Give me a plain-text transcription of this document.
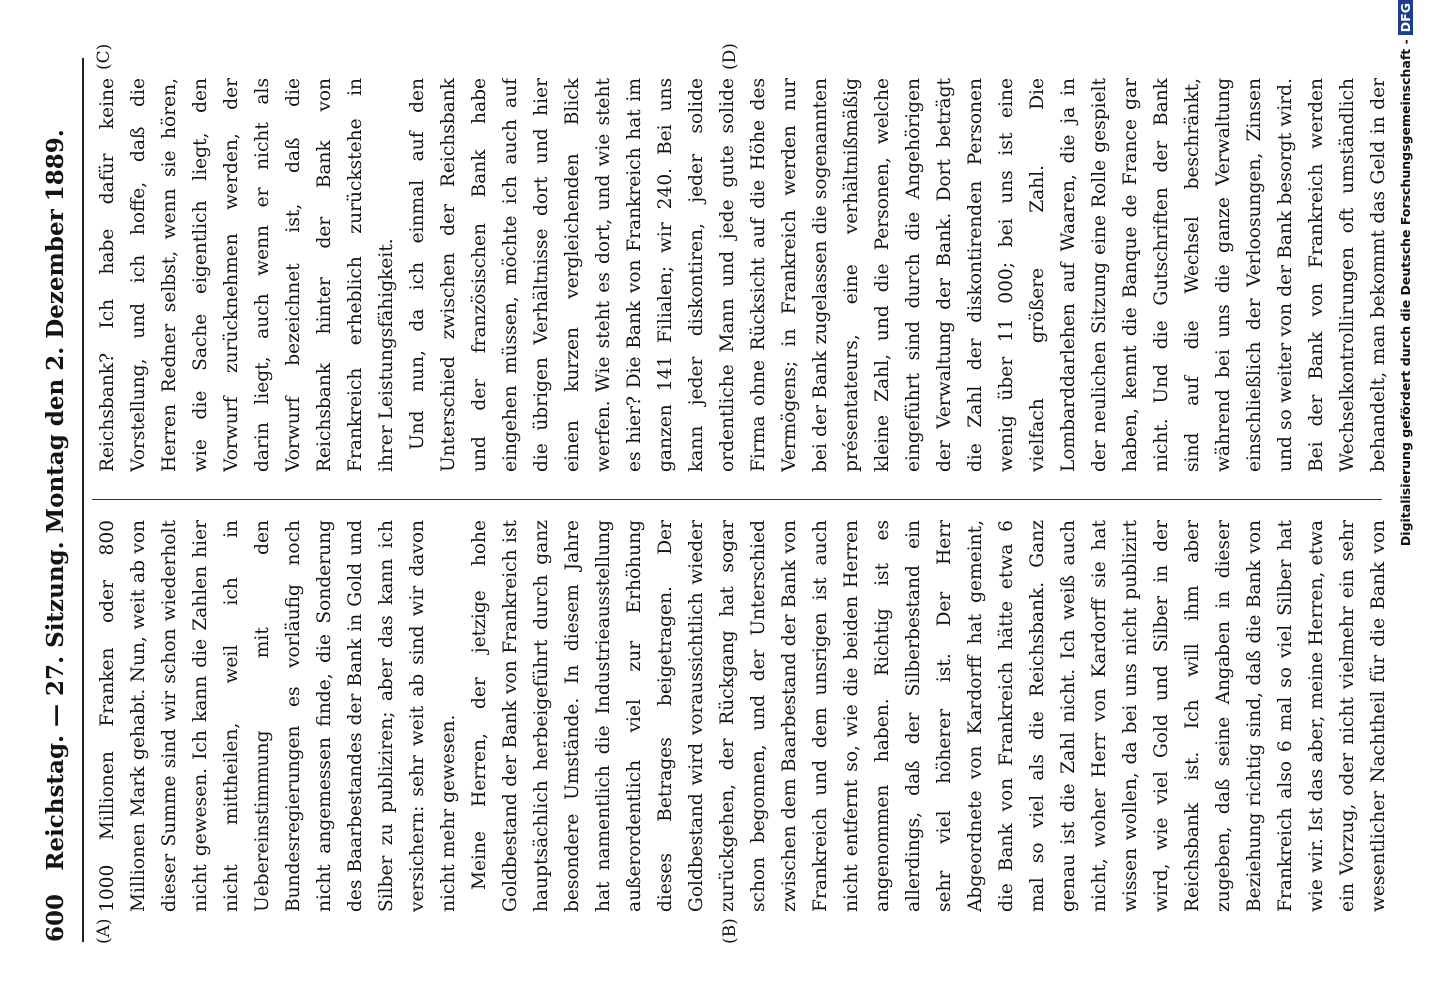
600
Reichstag. — 27. Sitzung. Montag den 2. Dezember 1889.
(A)	(B)
(C)	(D)

1000 Millionen Franken oder 800 Millionen Mark gehabt. Nun, weit ab von dieser Summe sind wir schon wiederholt nicht gewesen. Ich kann die Zahlen hier nicht mittheilen, weil ich in Uebereinstimmung mit den Bundesregierungen es vorläufig noch nicht angemessen finde, die Sonderung des Baarbestandes der Bank in Gold und Silber zu publiziren; aber das kann ich versichern: sehr weit ab sind wir davon nicht mehr gewesen. Meine Herren, der jetzige hohe Goldbestand der Bank von Frankreich ist hauptsächlich herbeigeführt durch ganz besondere Umstände. In diesem Jahre hat namentlich die Industrieausstellung außerordentlich viel zur Erhöhung dieses Betrages beigetragen. Der Goldbestand wird voraussichtlich wieder zurückgehen, der Rückgang hat sogar schon begonnen, und der Unterschied zwischen dem Baarbestand der Bank von Frankreich und dem unsrigen ist auch nicht entfernt so, wie die beiden Herren angenommen haben. Richtig ist es allerdings, daß der Silberbestand ein sehr viel höherer ist. Der Herr Abgeordnete von Kardorff hat gemeint, die Bank von Frankreich hätte etwa 6 mal so viel als die Reichsbank. Ganz genau ist die Zahl nicht. Ich weiß auch nicht, woher Herr von Kardorff sie hat wissen wollen, da bei uns nicht publizirt wird, wie viel Gold und Silber in der Reichsbank ist. Ich will ihm aber zugeben, daß seine Angaben in dieser Beziehung richtig sind, daß die Bank von Frankreich also 6 mal so viel Silber hat wie wir. Ist das aber, meine Herren, etwa ein Vorzug, oder nicht vielmehr ein sehr wesentlicher Nachtheil für die Bank von

Reichsbank? Ich habe dafür keine Vorstellung, und ich hoffe, daß die Herren Redner selbst, wenn sie hören, wie die Sache eigentlich liegt, den Vorwurf zurücknehmen werden, der darin liegt, auch wenn er nicht als Vorwurf bezeichnet ist, daß die Reichsbank hinter der Bank von Frankreich erheblich zurückstehe in ihrer Leistungsfähigkeit. Und nun, da ich einmal auf den Unterschied zwischen der Reichsbank und der französischen Bank habe eingehen müssen, möchte ich auch auf die übrigen Verhältnisse dort und hier einen kurzen vergleichenden Blick werfen. Wie steht es dort, und wie steht es hier? Die Bank von Frankreich hat im ganzen 141 Filialen; wir 240. Bei uns kann jeder diskontiren, jeder solide ordentliche Mann und jede gute solide Firma ohne Rücksicht auf die Höhe des Vermögens; in Frankreich werden nur bei der Bank zugelassen die sogenannten présentateurs, eine verhältnißmäßig kleine Zahl, und die Personen, welche eingeführt sind durch die Angehörigen der Verwaltung der Bank. Dort beträgt die Zahl der diskontirenden Personen wenig über 11 000; bei uns ist eine vielfach größere Zahl. Die Lombarddarlehen auf Waaren, die ja in der neulichen Sitzung eine Rolle gespielt haben, kennt die Banque de France gar nicht. Und die Gutschriften der Bank sind auf die Wechsel beschränkt, während bei uns die ganze Verwaltung einschließlich der Verloosungen, Zinsen und so weiter von der Bank besorgt wird. Bei der Bank von Frankreich werden Wechselkontrollirungen oft umständlich behandelt, man bekommt das Geld in der Digitalisierung gefördert durch die Deutsche Forschungsgemeinschaft -DFG
